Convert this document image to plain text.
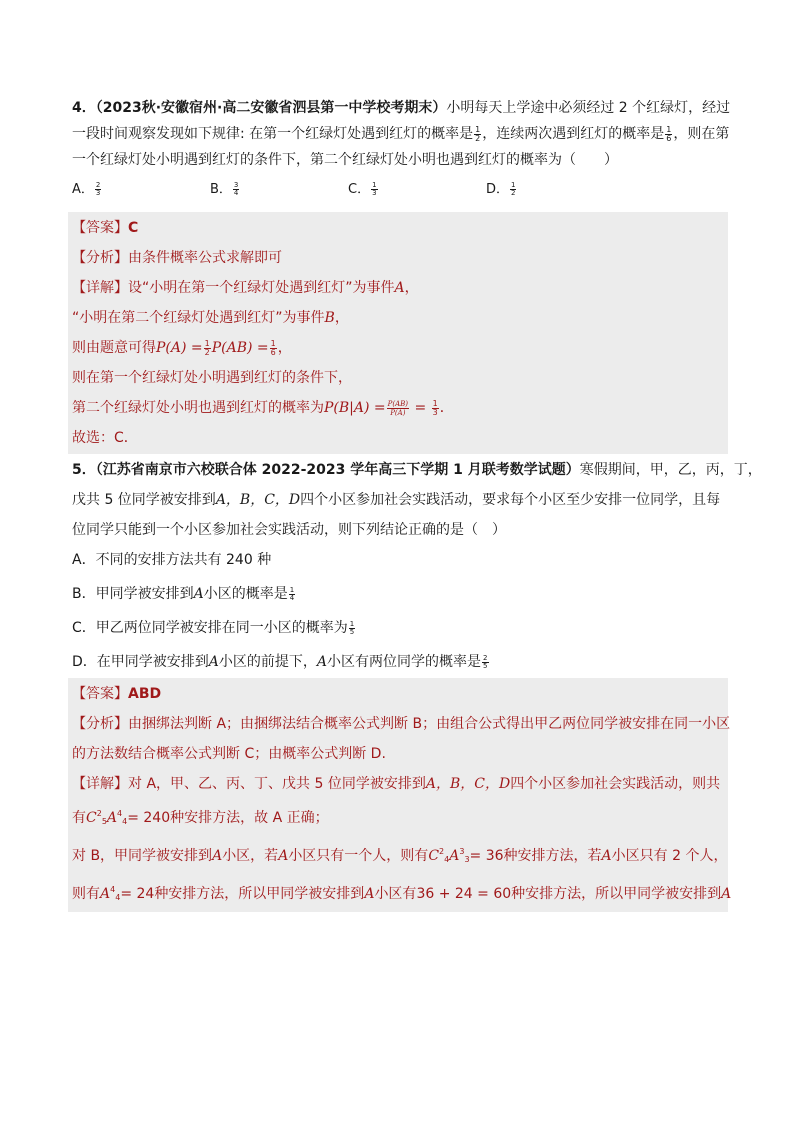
4．（2023秋·安徽宿州·高二安徽省泗县第一中学校考期末）小明每天上学途中必须经过 2 个红绿灯，经过
一段时间观察发现如下规律: 在第一个红绿灯处遇到红灯的概率是 $\frac{1}{2}$ ，连续两次遇到红灯的概率是 $\frac{1}{6}$ ，则在第
一个红绿灯处小明遇到红灯的条件下，第二个红绿灯处小明也遇到红灯的概率为（　　）
A． $\frac{2}{3}$	B． $\frac{3}{4}$	C． $\frac{1}{3}$	D． $\frac{1}{2}$
【答案】C
【分析】由条件概率公式求解即可
【详解】设“小明在第一个红绿灯处遇到红灯”为事件A，
“小明在第二个红绿灯处遇到红灯”为事件B，
则由题意可得$P(A) = \frac{1}{2} P(AB) = \frac{1}{6}$ ，
则在第一个红绿灯处小明遇到红灯的条件下，
第二个红绿灯处小明也遇到红灯的概率为$P(B|A) = \frac{P(AB)}{P(A)} = \frac{1}{3}$ ．
故选：C．
5．（江苏省南京市六校联合体 2022-2023 学年高三下学期 1 月联考数学试题）寒假期间，甲，乙，丙，丁，
戊共 5 位同学被安排到A，B，C，D四个小区参加社会实践活动，要求每个小区至少安排一位同学，且每
位同学只能到一个小区参加社会实践活动，则下列结论正确的是（　）
A．不同的安排方法共有 240 种
B．甲同学被安排到A小区的概率是 $\frac{1}{4}$
C．甲乙两位同学被安排在同一小区的概率为 $\frac{1}{5}$
D．在甲同学被安排到A小区的前提下，A小区有两位同学的概率是 $\frac{2}{5}$
【答案】ABD
【分析】由捆绑法判断 A；由捆绑法结合概率公式判断 B；由组合公式得出甲乙两位同学被安排在同一小区
的方法数结合概率公式判断 C；由概率公式判断 D.
【详解】对 A，甲、乙、丙、丁、戊共 5 位同学被安排到A，B，C，D四个小区参加社会实践活动，则共
有$C^2_5A^4_4= 240$种安排方法，故 A 正确；
对 B，甲同学被安排到A小区，若A小区只有一个人，则有$C^2_4A^3_3= 36$种安排方法，若A小区只有 2 个人，
则有$A^4_4= 24$种安排方法，所以甲同学被安排到A小区有36 + 24 = 60种安排方法，所以甲同学被安排到A
